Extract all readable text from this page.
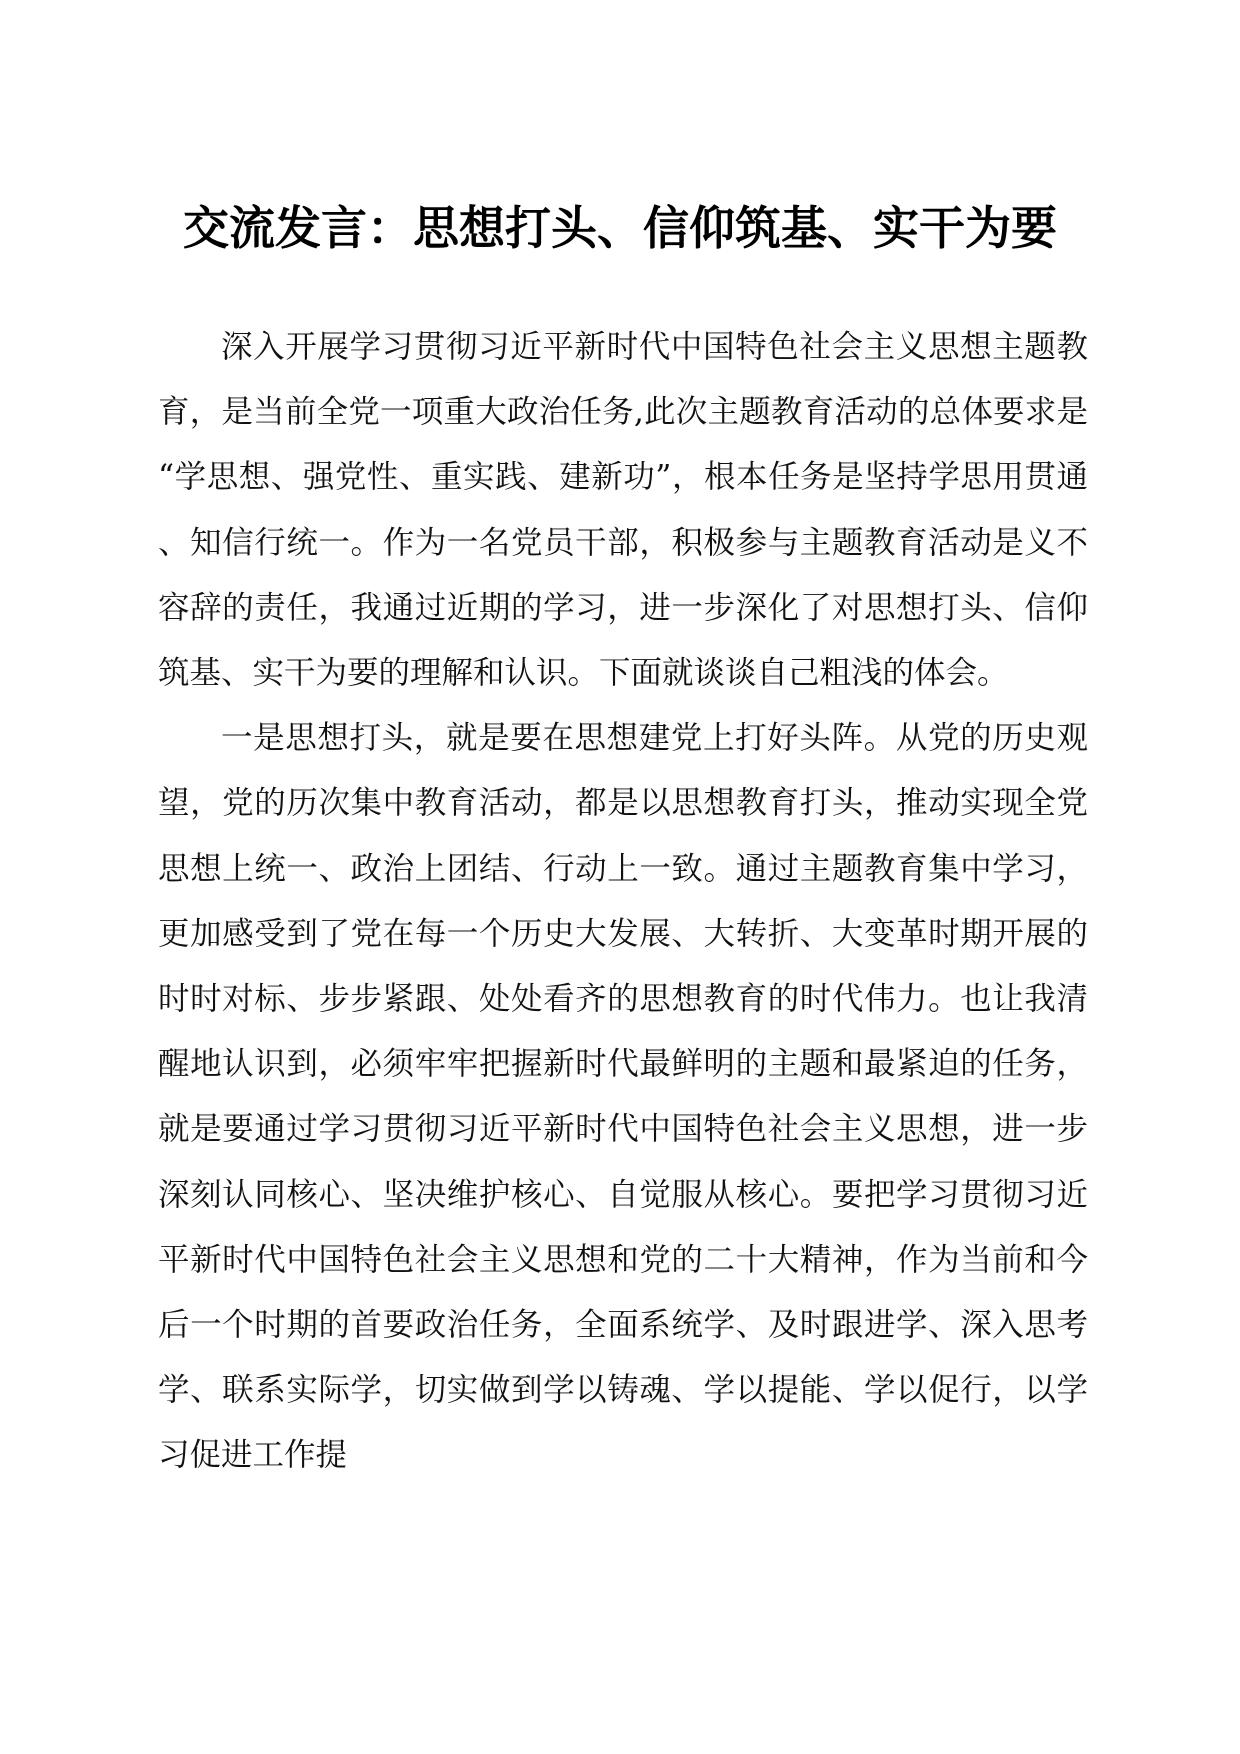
交流发言：思想打头、信仰筑基、实干为要

深入开展学习贯彻习近平新时代中国特色社会主义思想主题教育，是当前全党一项重大政治任务,此次主题教育活动的总体要求是“学思想、强党性、重实践、建新功”，根本任务是坚持学思用贯通、知信行统一。作为一名党员干部，积极参与主题教育活动是义不容辞的责任，我通过近期的学习，进一步深化了对思想打头、信仰筑基、实干为要的理解和认识。下面就谈谈自己粗浅的体会。

一是思想打头，就是要在思想建党上打好头阵。从党的历史观望，党的历次集中教育活动，都是以思想教育打头，推动实现全党思想上统一、政治上团结、行动上一致。通过主题教育集中学习，更加感受到了党在每一个历史大发展、大转折、大变革时期开展的时时对标、步步紧跟、处处看齐的思想教育的时代伟力。也让我清醒地认识到，必须牢牢把握新时代最鲜明的主题和最紧迫的任务，就是要通过学习贯彻习近平新时代中国特色社会主义思想，进一步深刻认同核心、坚决维护核心、自觉服从核心。要把学习贯彻习近平新时代中国特色社会主义思想和党的二十大精神，作为当前和今后一个时期的首要政治任务，全面系统学、及时跟进学、深入思考学、联系实际学，切实做到学以铸魂、学以提能、学以促行，以学习促进工作提
